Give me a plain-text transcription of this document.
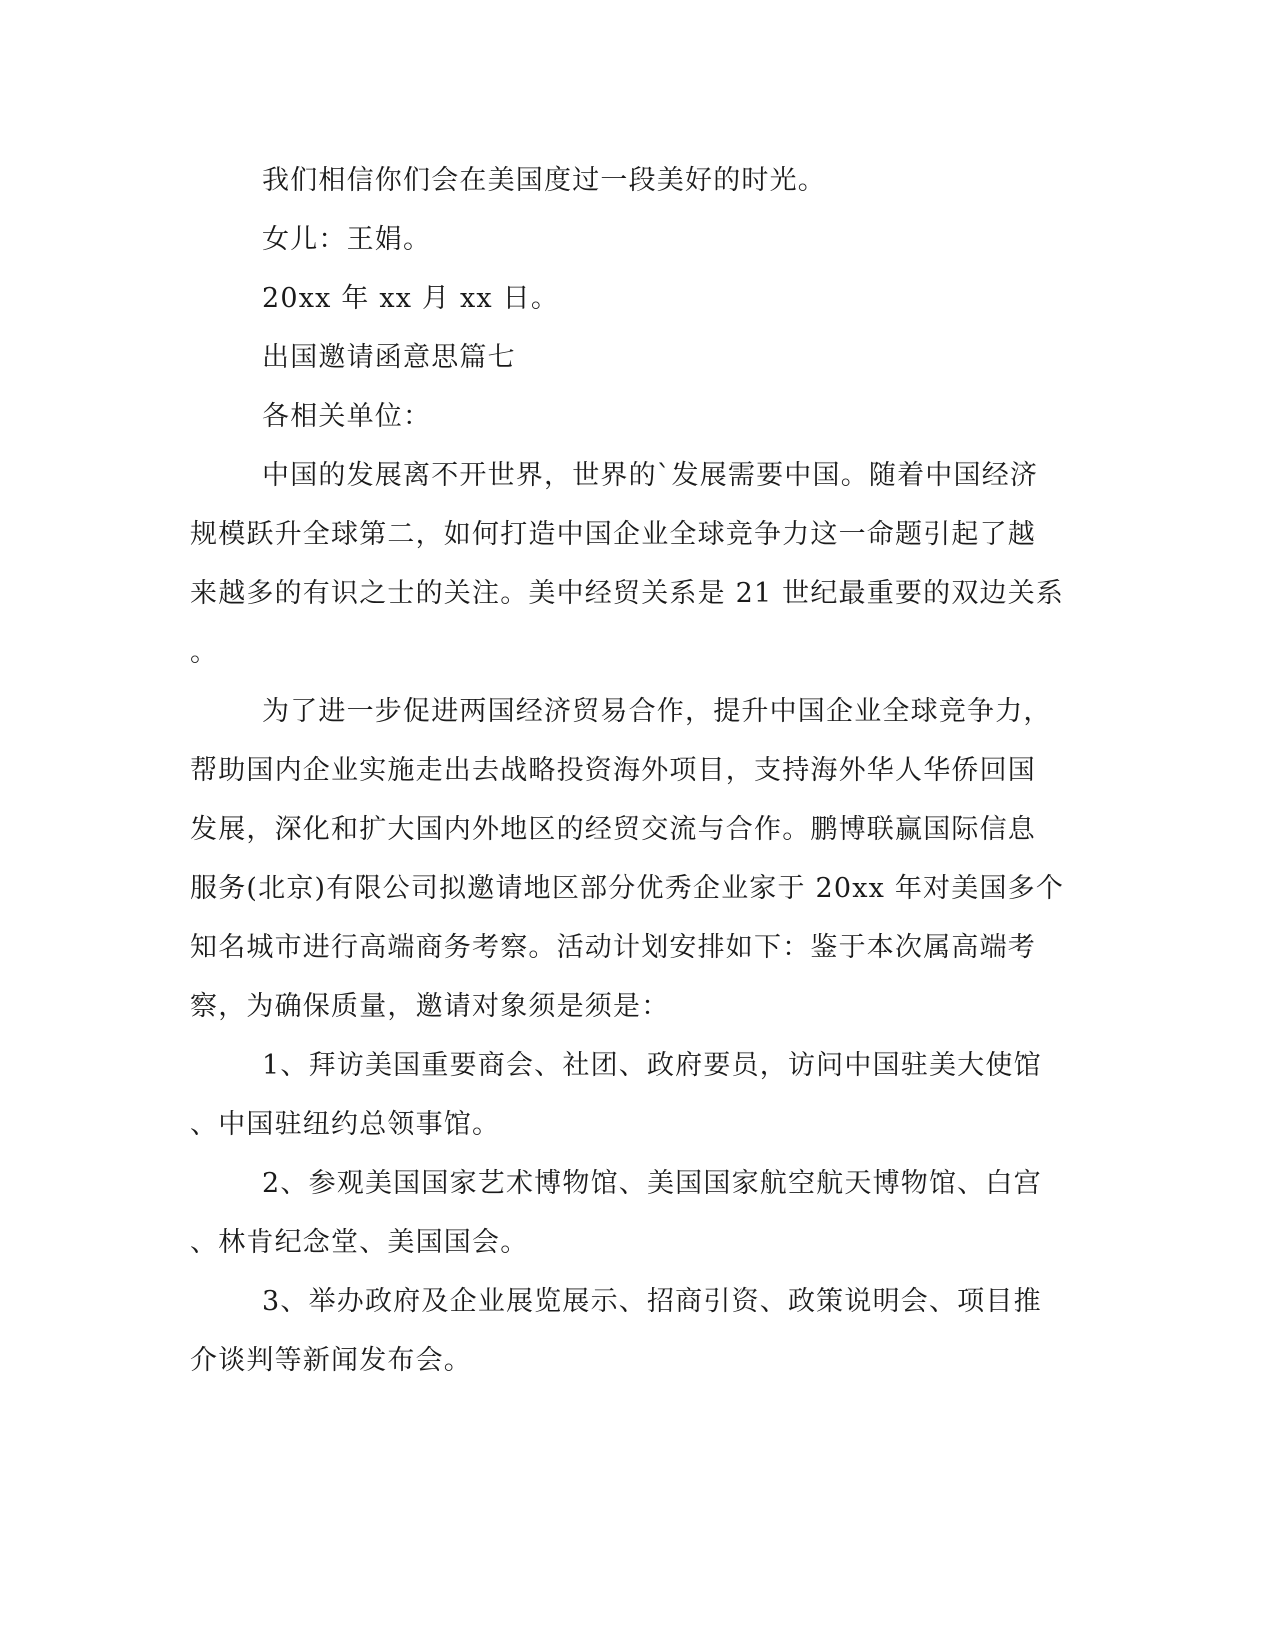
我们相信你们会在美国度过一段美好的时光。

女儿：王娟。

20xx 年 xx 月 xx 日。

出国邀请函意思篇七

各相关单位：

中国的发展离不开世界，世界的`发展需要中国。随着中国经济

规模跃升全球第二，如何打造中国企业全球竞争力这一命题引起了越

来越多的有识之士的关注。美中经贸关系是 21 世纪最重要的双边关系

。

为了进一步促进两国经济贸易合作，提升中国企业全球竞争力，

帮助国内企业实施走出去战略投资海外项目，支持海外华人华侨回国

发展，深化和扩大国内外地区的经贸交流与合作。鹏博联赢国际信息

服务(北京)有限公司拟邀请地区部分优秀企业家于 20xx 年对美国多个

知名城市进行高端商务考察。活动计划安排如下：鉴于本次属高端考

察，为确保质量，邀请对象须是须是：

1、拜访美国重要商会、社团、政府要员，访问中国驻美大使馆

、中国驻纽约总领事馆。

2、参观美国国家艺术博物馆、美国国家航空航天博物馆、白宫

、林肯纪念堂、美国国会。

3、举办政府及企业展览展示、招商引资、政策说明会、项目推

介谈判等新闻发布会。
